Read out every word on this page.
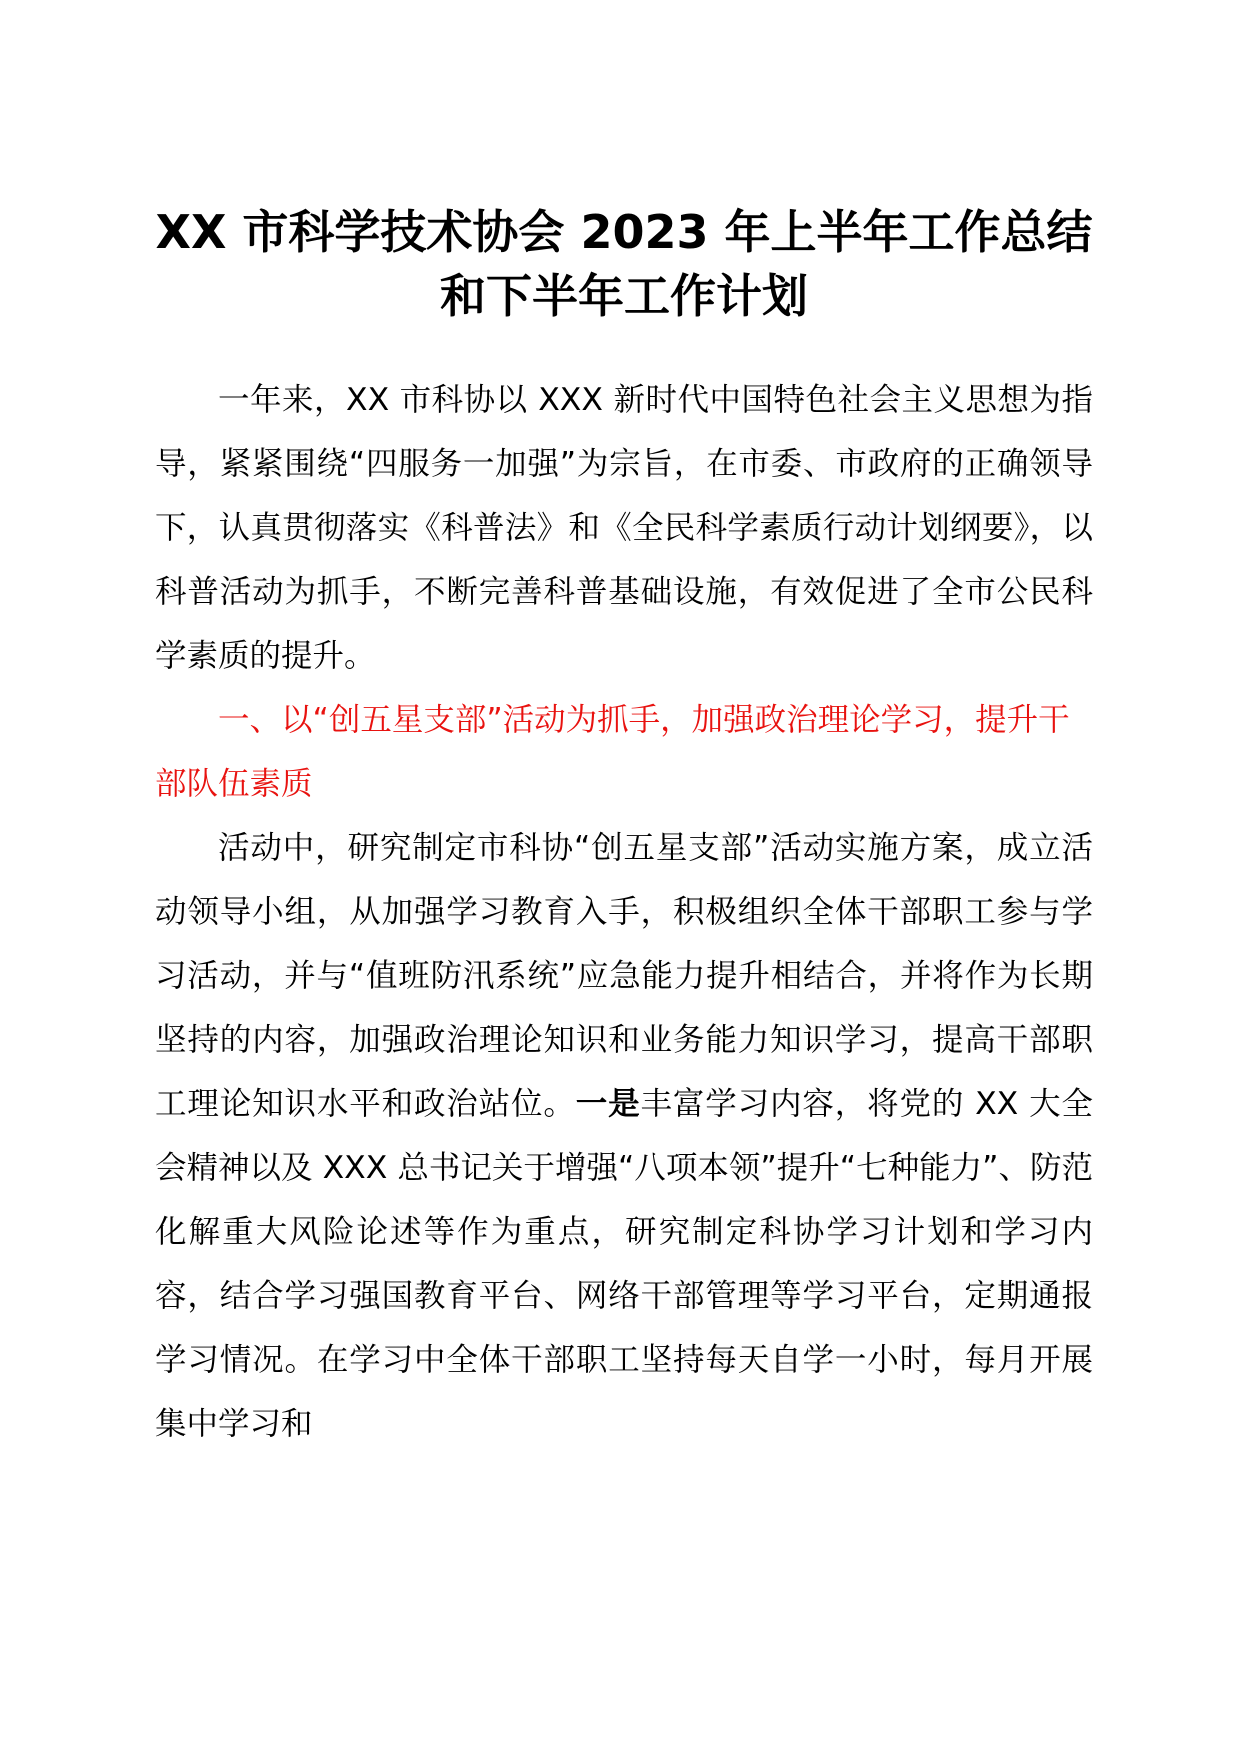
XX 市科学技术协会 2023 年上半年工作总结
和下半年工作计划

一年来，XX 市科协以 XXX 新时代中国特色社会主义思想为指导，紧紧围绕“四服务一加强”为宗旨，在市委、市政府的正确领导下，认真贯彻落实《科普法》和《全民科学素质行动计划纲要》，以科普活动为抓手，不断完善科普基础设施，有效促进了全市公民科学素质的提升。

一、以“创五星支部”活动为抓手，加强政治理论学习，提升干部队伍素质

活动中，研究制定市科协“创五星支部”活动实施方案，成立活动领导小组，从加强学习教育入手，积极组织全体干部职工参与学习活动，并与“值班防汛系统”应急能力提升相结合，并将作为长期坚持的内容，加强政治理论知识和业务能力知识学习，提高干部职工理论知识水平和政治站位。一是丰富学习内容，将党的 XX 大全会精神以及 XXX 总书记关于增强“八项本领”提升“七种能力”、防范化解重大风险论述等作为重点，研究制定科协学习计划和学习内容，结合学习强国教育平台、网络干部管理等学习平台，定期通报学习情况。在学习中全体干部职工坚持每天自学一小时，每月开展集中学习和
